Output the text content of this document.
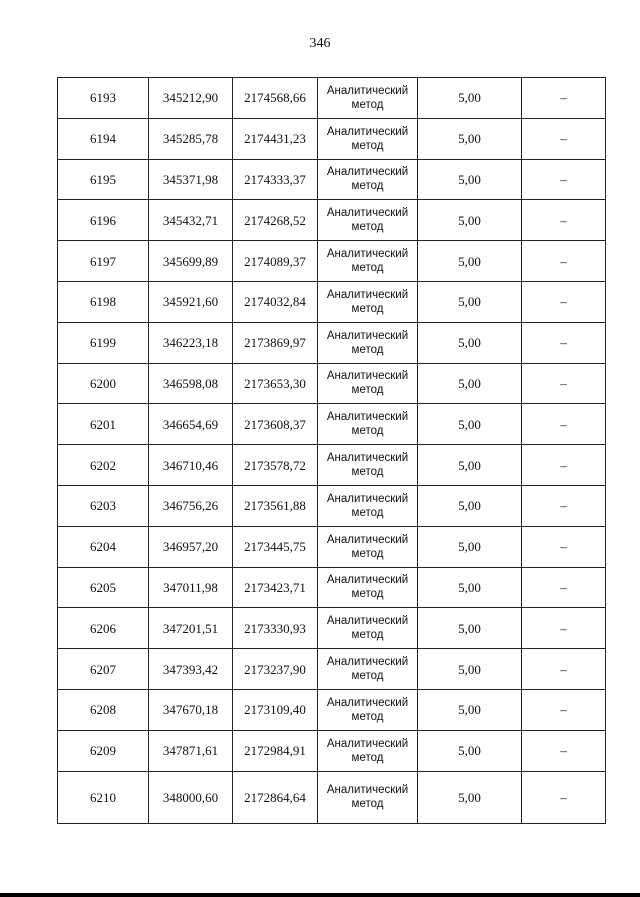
346
6193	345212,90	2174568,66	Аналитический метод	5,00	–
6194	345285,78	2174431,23	Аналитический метод	5,00	–
6195	345371,98	2174333,37	Аналитический метод	5,00	–
6196	345432,71	2174268,52	Аналитический метод	5,00	–
6197	345699,89	2174089,37	Аналитический метод	5,00	–
6198	345921,60	2174032,84	Аналитический метод	5,00	–
6199	346223,18	2173869,97	Аналитический метод	5,00	–
6200	346598,08	2173653,30	Аналитический метод	5,00	–
6201	346654,69	2173608,37	Аналитический метод	5,00	–
6202	346710,46	2173578,72	Аналитический метод	5,00	–
6203	346756,26	2173561,88	Аналитический метод	5,00	–
6204	346957,20	2173445,75	Аналитический метод	5,00	–
6205	347011,98	2173423,71	Аналитический метод	5,00	–
6206	347201,51	2173330,93	Аналитический метод	5,00	–
6207	347393,42	2173237,90	Аналитический метод	5,00	–
6208	347670,18	2173109,40	Аналитический метод	5,00	–
6209	347871,61	2172984,91	Аналитический метод	5,00	–
6210	348000,60	2172864,64	Аналитический метод	5,00	–
